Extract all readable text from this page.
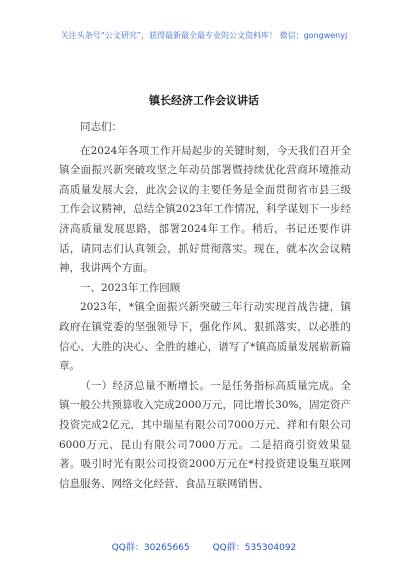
关注头条号“公文研究”，获得最新最全最专业的公文资料库！ 微信：gongwenyj
镇长经济工作会议讲话
同志们：

在2024年各项工作开局起步的关键时刻，今天我们召开全镇全面振兴新突破攻坚之年动员部署暨持续优化营商环境推动高质量发展大会，此次会议的主要任务是全面贯彻省市县三级工作会议精神，总结全镇2023年工作情况，科学谋划下一步经济高质量发展思路，部署2024年工作。稍后，书记还要作讲话，请同志们认真领会，抓好贯彻落实。现在，就本次会议精神，我讲两个方面。

一、2023年工作回顾

2023年，*镇全面振兴新突破三年行动实现首战告捷，镇政府在镇党委的坚强领导下，强化作风、狠抓落实，以必胜的信心、大胜的决心、全胜的雄心，谱写了*镇高质量发展崭新篇章。

（一）经济总量不断增长。一是任务指标高质量完成。全镇一般公共预算收入完成2000万元，同比增长30%，固定资产投资完成2亿元，其中瑞星有限公司7000万元、祥和有限公司6000万元、昆山有限公司7000万元。二是招商引资效果显著。吸引时光有限公司投资2000万元在*村投资建设集互联网信息服务、网络文化经营、食品互联网销售、

QQ群：30265665	QQ群：535304092
